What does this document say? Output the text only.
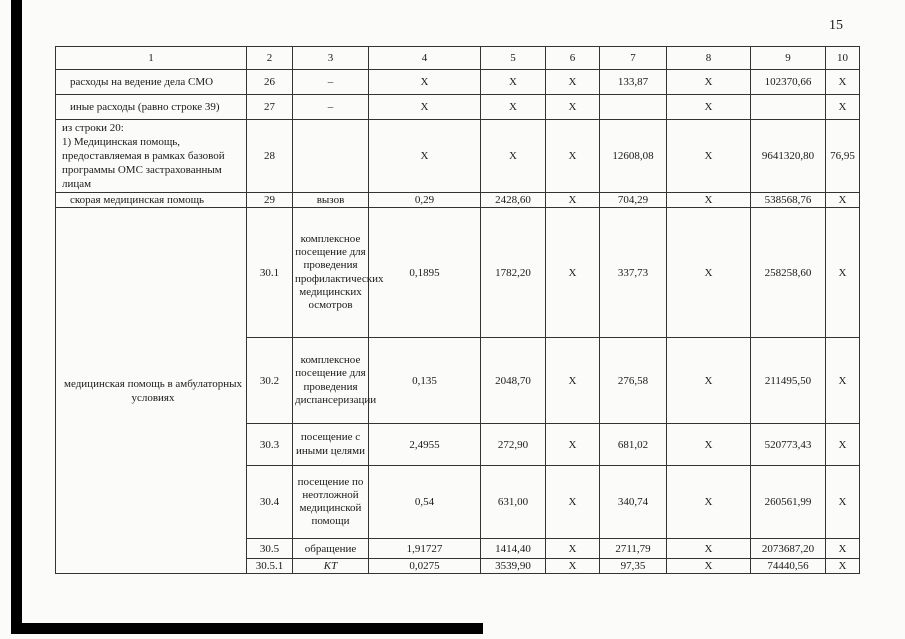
15
1	2	3	4	5	6	7	8	9	10
расходы на ведение дела СМО	26	–	X	X	X	133,87	X	102370,66	X
иные расходы (равно строке 39)	27	–	X	X	X		X		X
из строки 20:
1) Медицинская помощь, предоставляемая в рамках базовой программы ОМС застрахованным лицам	28		X	X	X	12608,08	X	9641320,80	76,95
скорая медицинская помощь	29	вызов	0,29	2428,60	X	704,29	X	538568,76	X
медицинская помощь в амбулаторных условиях	30.1	комплексное посещение для проведения профилактических медицинских осмотров	0,1895	1782,20	X	337,73	X	258258,60	X
	30.2	комплексное посещение для проведения диспансеризации	0,135	2048,70	X	276,58	X	211495,50	X
	30.3	посещение с иными целями	2,4955	272,90	X	681,02	X	520773,43	X
	30.4	посещение по неотложной медицинской помощи	0,54	631,00	X	340,74	X	260561,99	X
	30.5	обращение	1,91727	1414,40	X	2711,79	X	2073687,20	X
	30.5.1	КТ	0,0275	3539,90	X	97,35	X	74440,56	X
